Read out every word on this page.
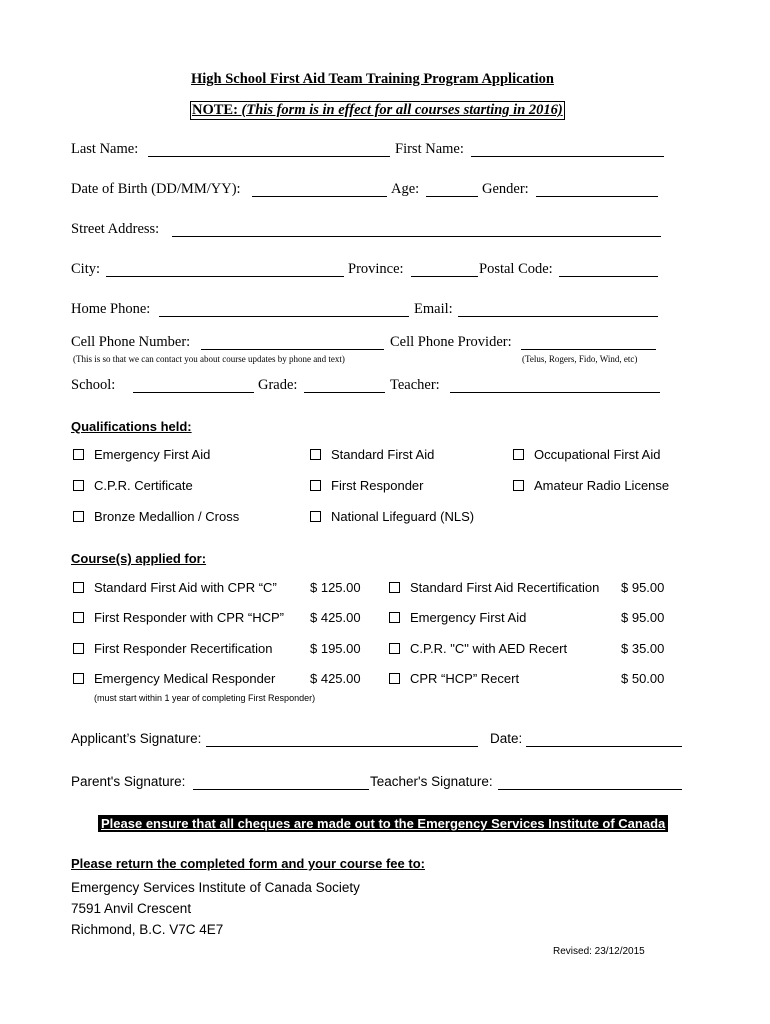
High School First Aid Team Training Program Application
NOTE: (This form is in effect for all courses starting in 2016)
Last Name:	First Name:
Date of Birth (DD/MM/YY):	Age:	Gender:
Street Address:
City:	Province:	Postal Code:
Home Phone:	Email:
Cell Phone Number:	Cell Phone Provider:
(This is so that we can contact you about course updates by phone and text)	(Telus, Rogers, Fido, Wind, etc)
School:	Grade:	Teacher:
Qualifications held:
Emergency First Aid	Standard First Aid	Occupational First Aid
C.P.R. Certificate	First Responder	Amateur Radio License
Bronze Medallion / Cross	National Lifeguard (NLS)
Course(s) applied for:
Standard First Aid with CPR “C”	$ 125.00	Standard First Aid Recertification $ 95.00
First Responder with CPR “HCP” $ 425.00	Emergency First Aid	$ 95.00
First Responder Recertification	$ 195.00	C.P.R. "C" with AED Recert	$ 35.00
Emergency Medical Responder	$ 425.00	CPR “HCP” Recert	$ 50.00
(must start within 1 year of completing First Responder)
Applicant’s Signature:	Date:
Parent's Signature:	Teacher's Signature:
Please ensure that all cheques are made out to the Emergency Services Institute of Canada
Please return the completed form and your course fee to:
Emergency Services Institute of Canada Society
7591 Anvil Crescent
Richmond, B.C. V7C 4E7
Revised: 23/12/2015
